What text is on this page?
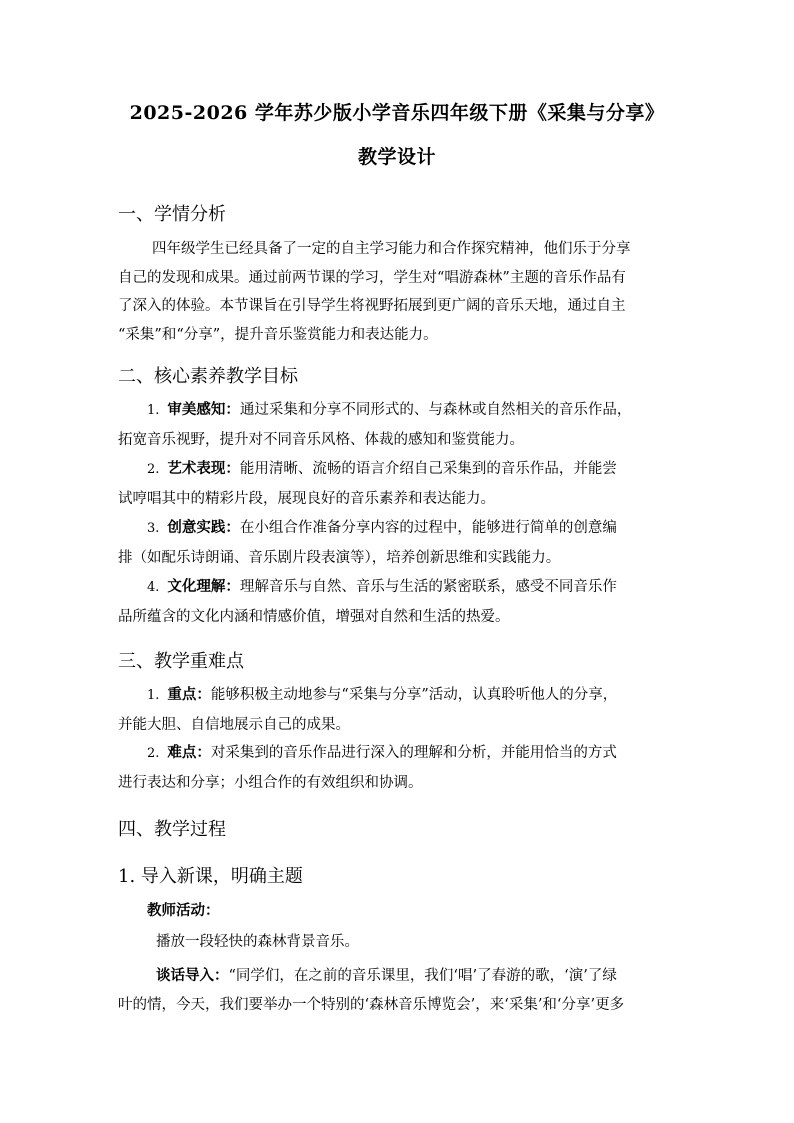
2025-2026 学年苏少版小学音乐四年级下册《采集与分享》
教学设计
一、学情分析
四年级学生已经具备了一定的自主学习能力和合作探究精神，他们乐于分享
自己的发现和成果。通过前两节课的学习，学生对“唱游森林”主题的音乐作品有
了深入的体验。本节课旨在引导学生将视野拓展到更广阔的音乐天地，通过自主
“采集”和“分享”，提升音乐鉴赏能力和表达能力。
二、核心素养教学目标
1. 审美感知：通过采集和分享不同形式的、与森林或自然相关的音乐作品，
拓宽音乐视野，提升对不同音乐风格、体裁的感知和鉴赏能力。
2. 艺术表现：能用清晰、流畅的语言介绍自己采集到的音乐作品，并能尝
试哼唱其中的精彩片段，展现良好的音乐素养和表达能力。
3. 创意实践：在小组合作准备分享内容的过程中，能够进行简单的创意编
排（如配乐诗朗诵、音乐剧片段表演等），培养创新思维和实践能力。
4. 文化理解：理解音乐与自然、音乐与生活的紧密联系，感受不同音乐作
品所蕴含的文化内涵和情感价值，增强对自然和生活的热爱。
三、教学重难点
1. 重点：能够积极主动地参与“采集与分享”活动，认真聆听他人的分享，
并能大胆、自信地展示自己的成果。
2. 难点：对采集到的音乐作品进行深入的理解和分析，并能用恰当的方式
进行表达和分享；小组合作的有效组织和协调。
四、教学过程
1. 导入新课，明确主题
教师活动：
播放一段轻快的森林背景音乐。
谈话导入：“同学们，在之前的音乐课里，我们‘唱’了春游的歌，‘演’了绿
叶的情，今天，我们要举办一个特别的‘森林音乐博览会’，来‘采集’和‘分享’更多
